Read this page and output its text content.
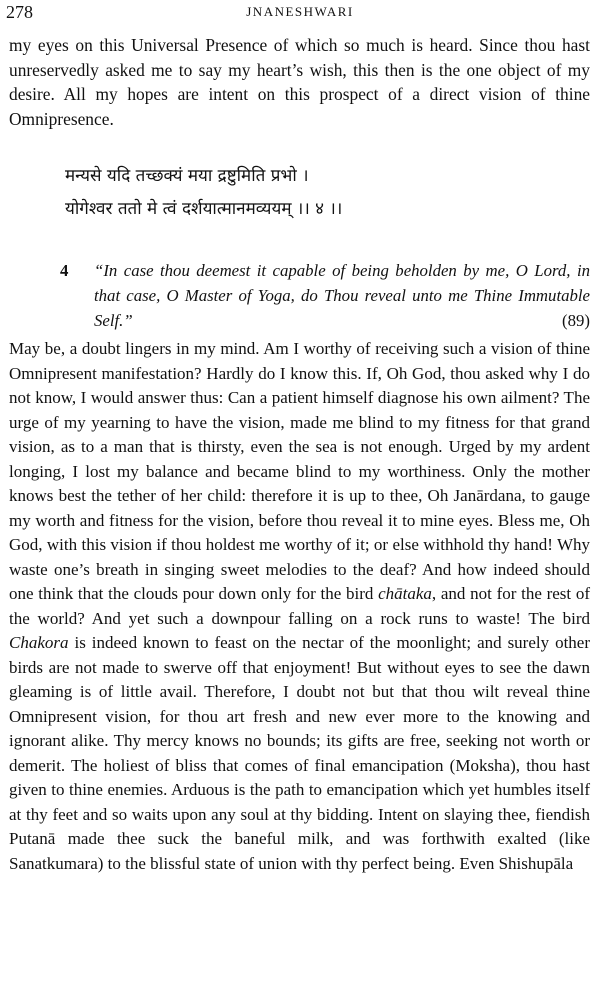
278	JNANESHWARI

my eyes on this Universal Presence of which so much is heard. Since thou hast unreservedly asked me to say my heart’s wish, this then is the one object of my desire. All my hopes are intent on this prospect of a direct vision of thine Omnipresence.

मन्यसे यदि तच्छक्यं मया द्रष्टुमिति प्रभो ।
योगेश्वर ततो मे त्वं दर्शयात्मानमव्ययम् ।। ४ ।।
4 “In case thou deemest it capable of being beholden by me, O Lord, in that case, O Master of Yoga, do Thou reveal unto me Thine Immutable Self.”	(89)

May be, a doubt lingers in my mind. Am I worthy of receiving such a vision of thine Omnipresent manifestation? Hardly do I know this. If, Oh God, thou asked why I do not know, I would answer thus: Can a patient himself diagnose his own ailment? The urge of my yearning to have the vision, made me blind to my fitness for that grand vision, as to a man that is thirsty, even the sea is not enough. Urged by my ardent longing, I lost my balance and became blind to my worthiness. Only the mother knows best the tether of her child: therefore it is up to thee, Oh Janārdana, to gauge my worth and fitness for the vision, before thou reveal it to mine eyes. Bless me, Oh God, with this vision if thou holdest me worthy of it; or else withhold thy hand! Why waste one’s breath in singing sweet melodies to the deaf? And how indeed should one think that the clouds pour down only for the bird chātaka, and not for the rest of the world? And yet such a downpour falling on a rock runs to waste! The bird Chakora is indeed known to feast on the nectar of the moonlight; and surely other birds are not made to swerve off that enjoyment! But without eyes to see the dawn gleaming is of little avail. Therefore, I doubt not but that thou wilt reveal thine Omnipresent vision, for thou art fresh and new ever more to the knowing and ignorant alike. Thy mercy knows no bounds; its gifts are free, seeking not worth or demerit. The holiest of bliss that comes of final emancipation (Moksha), thou hast given to thine enemies. Arduous is the path to emancipation which yet humbles itself at thy feet and so waits upon any soul at thy bidding. Intent on slaying thee, fiendish Putanā made thee suck the baneful milk, and was forthwith exalted (like Sanatkumara) to the blissful state of union with thy perfect being. Even Shishupāla
